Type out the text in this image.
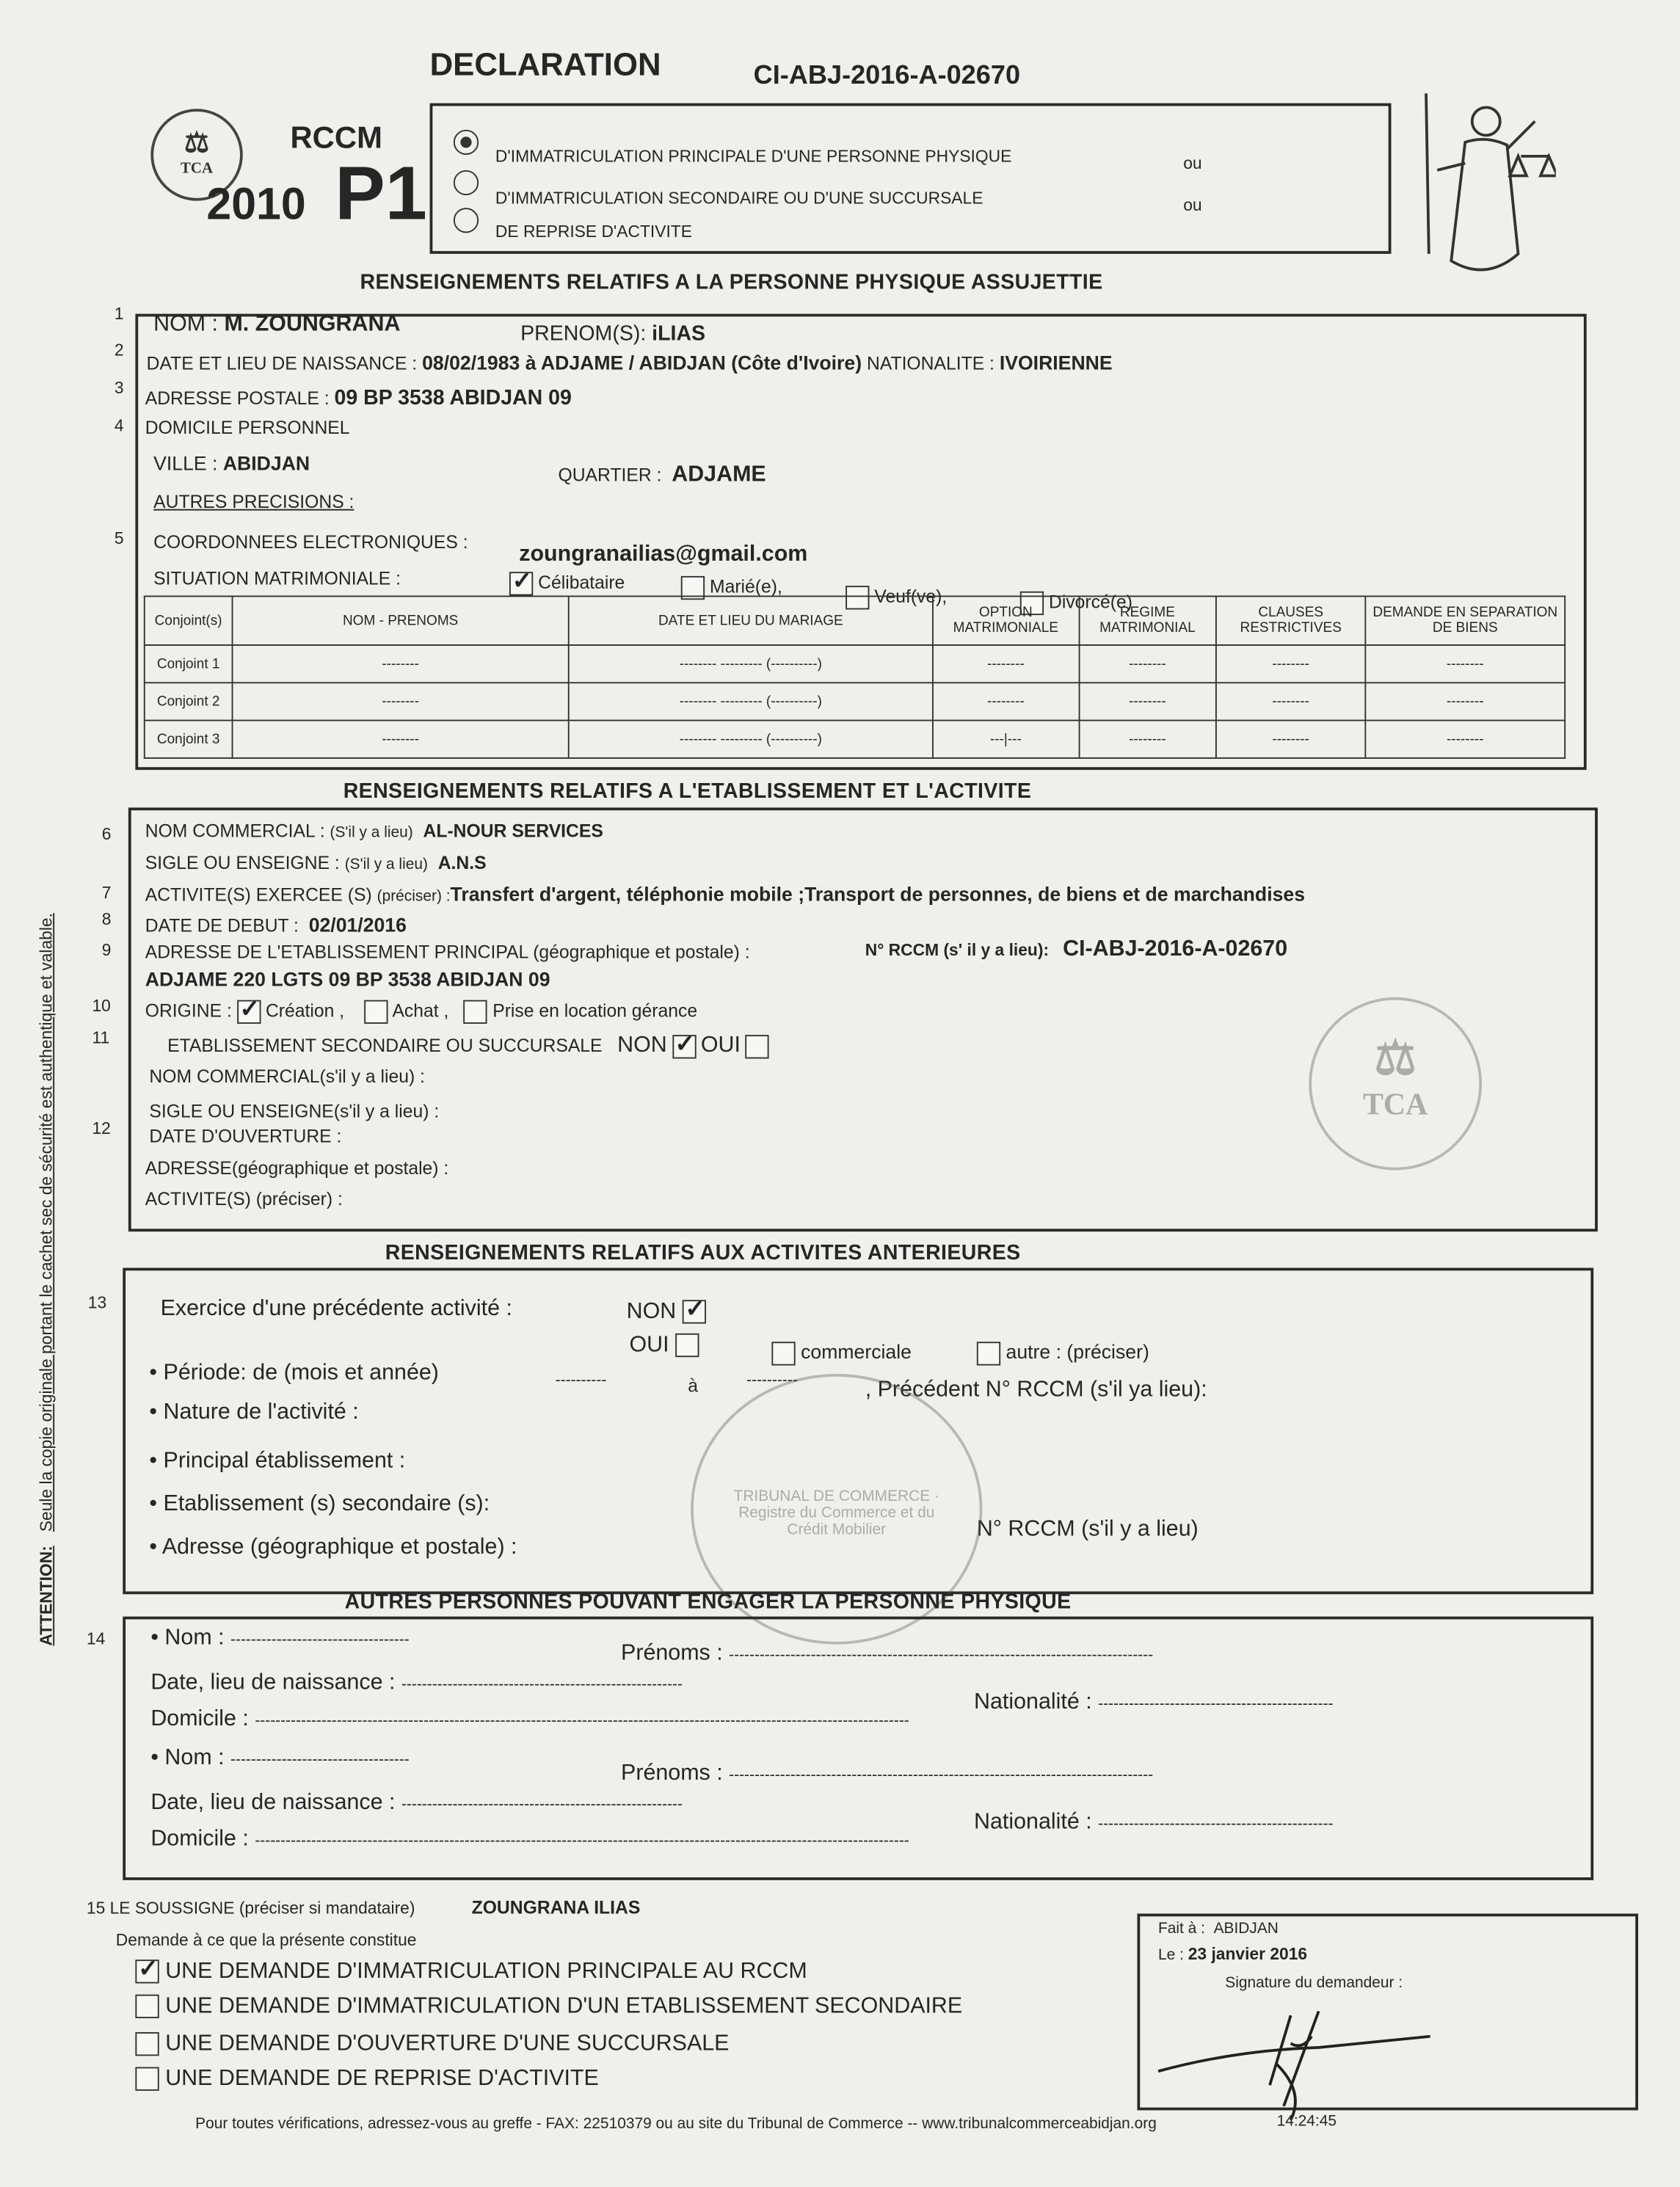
DECLARATION	CI-ABJ-2016-A-02670
⚖
TCA
RCCM
2010 P1	D'IMMATRICULATION PRINCIPALE D'UNE PERSONNE PHYSIQUE	ou
D'IMMATRICULATION SECONDAIRE OU D'UNE SUCCURSALE	ou
DE REPRISE D'ACTIVITE
RENSEIGNEMENTS RELATIFS A LA PERSONNE PHYSIQUE ASSUJETTIE
1
2
3
4
5
NOM : M. ZOUNGRANA	PRENOM(S): iLIAS
DATE ET LIEU DE NAISSANCE : 08/02/1983 à ADJAME / ABIDJAN (Côte d'Ivoire) NATIONALITE : IVOIRIENNE
ADRESSE POSTALE : 09 BP 3538 ABIDJAN 09
DOMICILE PERSONNEL
VILLE : ABIDJAN
QUARTIER : ADJAME
AUTRES PRECISIONS :
COORDONNEES ELECTRONIQUES :
zoungranailias@gmail.com
SITUATION MATRIMONIALE : ✓	Célibataire	Marié(e),	Veuf(ve),	Divorcé(e)
Conjoint(s)	NOM - PRENOMS	DATE ET LIEU DU MARIAGE	OPTION MATRIMONIALE	REGIME MATRIMONIAL	CLAUSES RESTRICTIVES	DEMANDE EN SEPARATION DE BIENS
Conjoint 1	--------	-------- --------- (----------)	--------	--------	--------	--------
Conjoint 2	--------	-------- --------- (----------)	--------	--------	--------	--------
Conjoint 3	--------	-------- --------- (----------)	---|---	--------	--------	--------
RENSEIGNEMENTS RELATIFS A L'ETABLISSEMENT ET L'ACTIVITE
6
7
8
9
10
11
12
NOM COMMERCIAL : (S'il y a lieu) AL-NOUR SERVICES
SIGLE OU ENSEIGNE : (S'il y a lieu) A.N.S
ACTIVITE(S) EXERCEE (S) (préciser) :Transfert d'argent, téléphonie mobile ;Transport de personnes, de biens et de marchandises
DATE DE DEBUT : 02/01/2016
ADRESSE DE L'ETABLISSEMENT PRINCIPAL (géographique et postale) :	N° RCCM (s' il y a lieu): CI-ABJ-2016-A-02670
ADJAME 220 LGTS 09 BP 3538 ABIDJAN 09
ORIGINE : ✓	Création ,	Achat ,	Prise en location gérance
ETABLISSEMENT SECONDAIRE OU SUCCURSALE NON ✓	OUI
NOM COMMERCIAL(s'il y a lieu) :
SIGLE OU ENSEIGNE(s'il y a lieu) :
DATE D'OUVERTURE :
ADRESSE(géographique et postale) :
ACTIVITE(S) (préciser) :
⚖
TCA
RENSEIGNEMENTS RELATIFS AUX ACTIVITES ANTERIEURES
13	Exercice d'une précédente activité :	NON ✓
OUI	commerciale	autre : (préciser)
• Période: de (mois et année)	----------	à	----------	, Précédent N° RCCM (s'il ya lieu):
• Nature de l'activité :
• Principal établissement :
• Etablissement (s) secondaire (s):
N° RCCM (s'il y a lieu)
• Adresse (géographique et postale) :
TRIBUNAL DE COMMERCE · Registre du Commerce et du Crédit Mobilier
AUTRES PERSONNES POUVANT ENGAGER LA PERSONNE PHYSIQUE
14	• Nom : -----------------------------------
Prénoms : -----------------------------------------------------------------------------------
Date, lieu de naissance : -------------------------------------------------------
Nationalité : ----------------------------------------------
Domicile : --------------------------------------------------------------------------------------------------------------------------------
• Nom : -----------------------------------
Prénoms : -----------------------------------------------------------------------------------
Date, lieu de naissance : -------------------------------------------------------
Nationalité : ----------------------------------------------
Domicile : --------------------------------------------------------------------------------------------------------------------------------
15 LE SOUSSIGNE (préciser si mandataire)	ZOUNGRANA ILIAS
Demande à ce que la présente constitue
✓ UNE DEMANDE D'IMMATRICULATION PRINCIPALE AU RCCM
UNE DEMANDE D'IMMATRICULATION D'UN ETABLISSEMENT SECONDAIRE
UNE DEMANDE D'OUVERTURE D'UNE SUCCURSALE
UNE DEMANDE DE REPRISE D'ACTIVITE
Fait à : ABIDJAN
Le : 23 janvier 2016
Signature du demandeur :
14:24:45
Pour toutes vérifications, adressez-vous au greffe - FAX: 22510379 ou au site du Tribunal de Commerce -- www.tribunalcommerceabidjan.org
ATTENTION:   Seule la copie originale portant le cachet sec de sécurité est authentique et valable.
